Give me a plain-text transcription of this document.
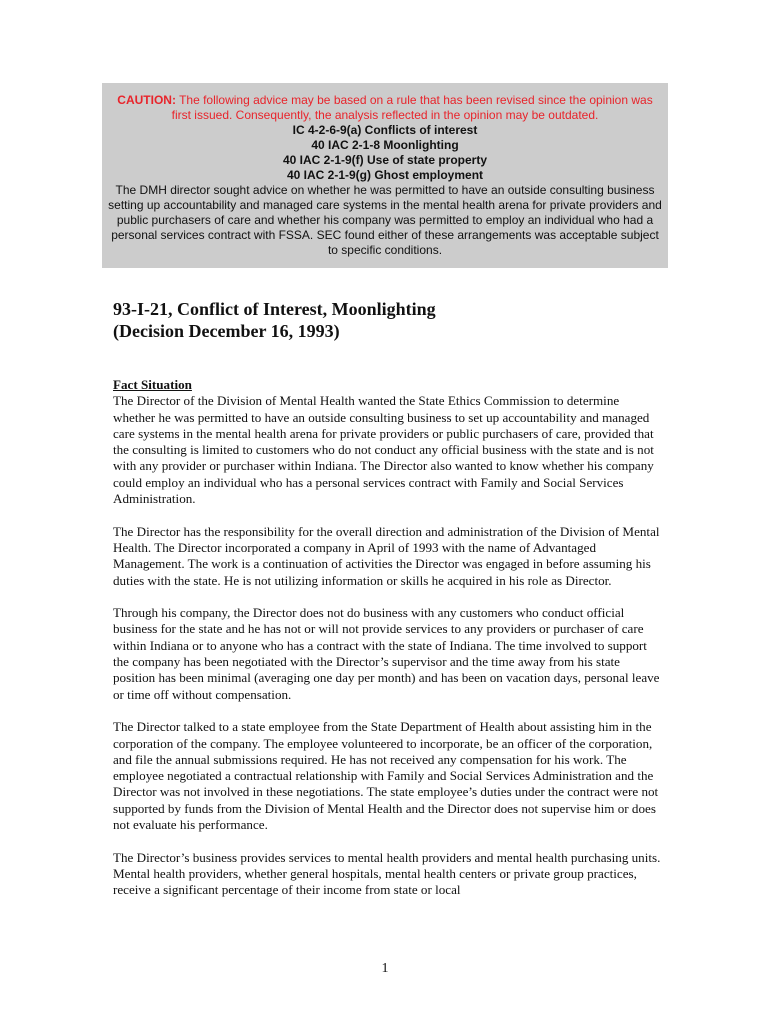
CAUTION: The following advice may be based on a rule that has been revised since the opinion was first issued. Consequently, the analysis reflected in the opinion may be outdated.
IC 4-2-6-9(a) Conflicts of interest
40 IAC 2-1-8 Moonlighting
40 IAC 2-1-9(f) Use of state property
40 IAC 2-1-9(g) Ghost employment
The DMH director sought advice on whether he was permitted to have an outside consulting business setting up accountability and managed care systems in the mental health arena for private providers and public purchasers of care and whether his company was permitted to employ an individual who had a personal services contract with FSSA. SEC found either of these arrangements was acceptable subject to specific conditions.
93-I-21, Conflict of Interest, Moonlighting
(Decision December 16, 1993)
Fact Situation

The Director of the Division of Mental Health wanted the State Ethics Commission to determine whether he was permitted to have an outside consulting business to set up accountability and managed care systems in the mental health arena for private providers or public purchasers of care, provided that the consulting is limited to customers who do not conduct any official business with the state and is not with any provider or purchaser within Indiana. The Director also wanted to know whether his company could employ an individual who has a personal services contract with Family and Social Services Administration.

The Director has the responsibility for the overall direction and administration of the Division of Mental Health. The Director incorporated a company in April of 1993 with the name of Advantaged Management. The work is a continuation of activities the Director was engaged in before assuming his duties with the state. He is not utilizing information or skills he acquired in his role as Director.

Through his company, the Director does not do business with any customers who conduct official business for the state and he has not or will not provide services to any providers or purchaser of care within Indiana or to anyone who has a contract with the state of Indiana. The time involved to support the company has been negotiated with the Director’s supervisor and the time away from his state position has been minimal (averaging one day per month) and has been on vacation days, personal leave or time off without compensation.

The Director talked to a state employee from the State Department of Health about assisting him in the corporation of the company. The employee volunteered to incorporate, be an officer of the corporation, and file the annual submissions required. He has not received any compensation for his work. The employee negotiated a contractual relationship with Family and Social Services Administration and the Director was not involved in these negotiations. The state employee’s duties under the contract were not supported by funds from the Division of Mental Health and the Director does not supervise him or does not evaluate his performance.

The Director’s business provides services to mental health providers and mental health purchasing units. Mental health providers, whether general hospitals, mental health centers or private group practices, receive a significant percentage of their income from state or local

1
